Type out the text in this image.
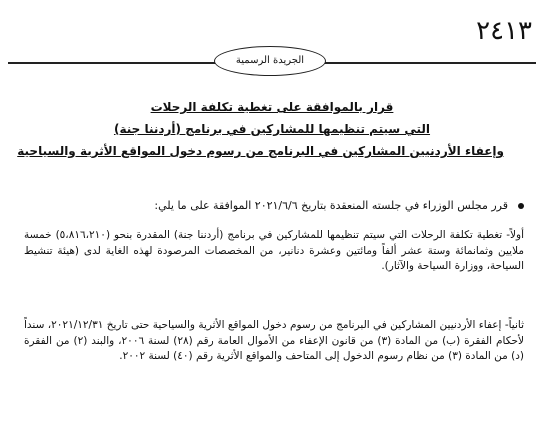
٢٤١٣
الجريدة الرسمية
قرار بالموافقة على تغطية تكلفة الرحلات
التي سيتم تنظيمها للمشاركين في برنامج (أردننا جنة)
وإعفاء الأردنيين المشاركين في البرنامج من رسوم دخول المواقع الأثرية والسياحية
قرر مجلس الوزراء في جلسته المنعقدة بتاريخ ٢٠٢١/٦/٦ الموافقة على ما يلي:
أولاً- تغطية تكلفة الرحلات التي سيتم تنظيمها للمشاركين في برنامج (أردننا جنة) المقدرة بنحو (٥،٨١٦،٢١٠) خمسة ملايين وثمانمائة وستة عشر ألفاً ومائتين وعشرة دنانير، من المخصصات المرصودة لهذه الغاية لدى (هيئة تنشيط السياحة، ووزارة السياحة والآثار).
ثانياً- إعفاء الأردنيين المشاركين في البرنامج من رسوم دخول المواقع الأثرية والسياحية حتى تاريخ ٢٠٢١/١٢/٣١، سنداً لأحكام الفقرة (ب) من المادة (٣) من قانون الإعفاء من الأموال العامة رقم (٢٨) لسنة ٢٠٠٦، والبند (٢) من الفقرة (د) من المادة (٣) من نظام رسوم الدخول إلى المتاحف والمواقع الأثرية رقم (٤٠) لسنة ٢٠٠٢.
